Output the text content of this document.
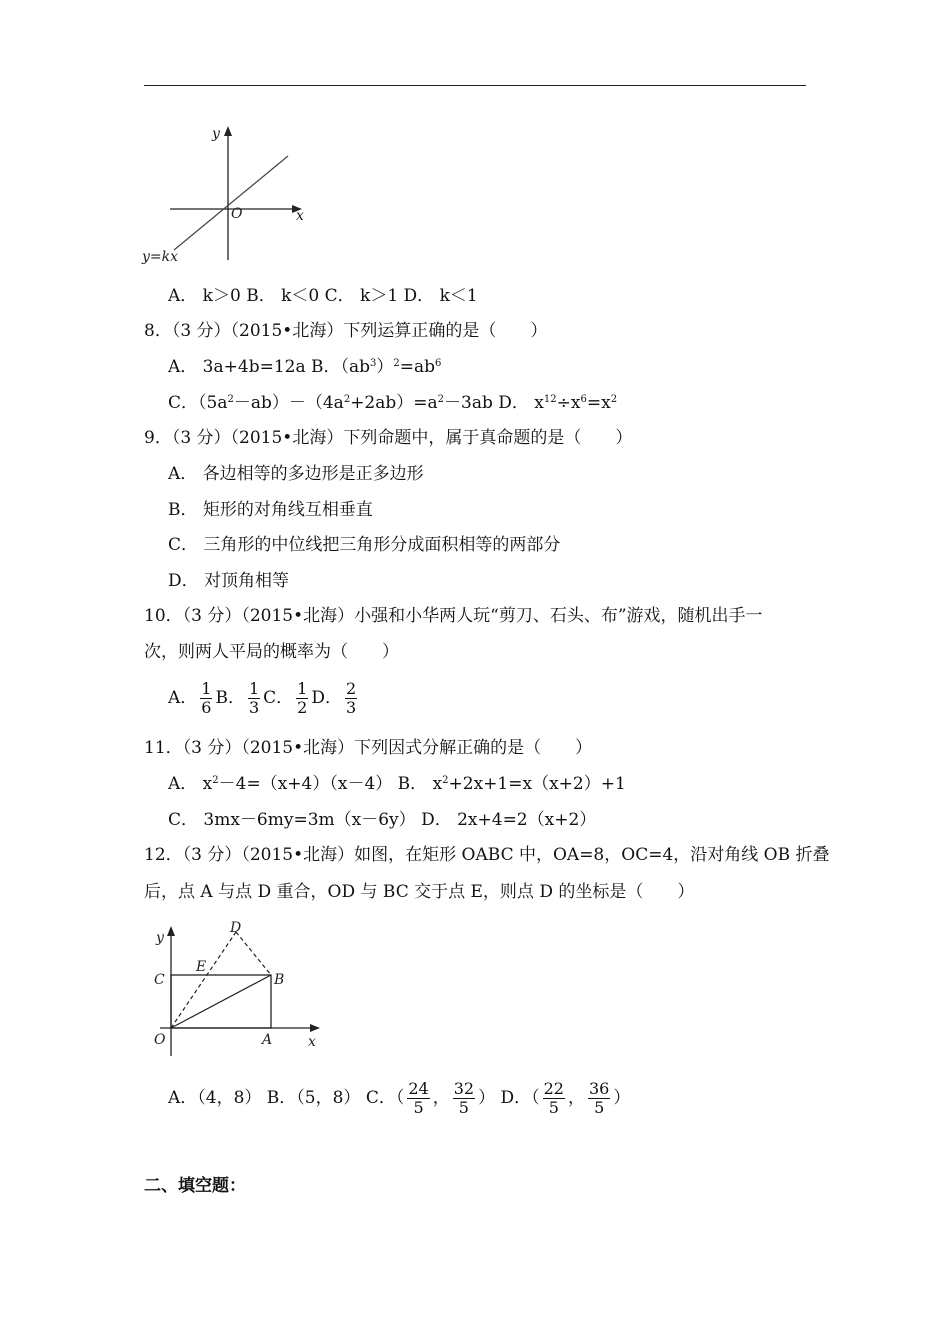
y
x
O
y=kx
A． k＞0 B． k＜0 C． k＞1 D． k＜1
8．（3 分）（2015•北海）下列运算正确的是（　　）
A． 3a+4b=12a B．$(ab^3)^2=ab^6$
C．$(5a^2-ab)-(4a^2+2ab)=a^2-3ab$ D． $x^{12}\div x^6=x^2$
9．（3 分）（2015•北海）下列命题中，属于真命题的是（　　）
A． 各边相等的多边形是正多边形
B． 矩形的对角线互相垂直
C． 三角形的中位线把三角形分成面积相等的两部分
D． 对顶角相等
10．（3 分）（2015•北海）小强和小华两人玩“剪刀、石头、布”游戏，随机出手一
次，则两人平局的概率为（　　）
A． $\frac{1}{6}$ B． $\frac{1}{3}$ C． $\frac{1}{2}$ D． $\frac{2}{3}$
11．（3 分）（2015•北海）下列因式分解正确的是（　　）
A． $x^2-4=(x+4)(x-4)$ B． $x^2+2x+1=x(x+2)+1$
C． 3mx－6my=3m（x－6y） D． 2x+4=2（x+2）
12．（3 分）（2015•北海）如图，在矩形 OABC 中，OA=8，OC=4，沿对角线 OB 折叠
后，点 A 与点 D 重合，OD 与 BC 交于点 E，则点 D 的坐标是（　　）
y
x
O	A
B
C
D
E
A．（4，8） B．（5，8） C．（ $\frac{24}{5}$ ， $\frac{32}{5}$ ） D．（ $\frac{22}{5}$ ， $\frac{36}{5}$ ）
二、填空题：
